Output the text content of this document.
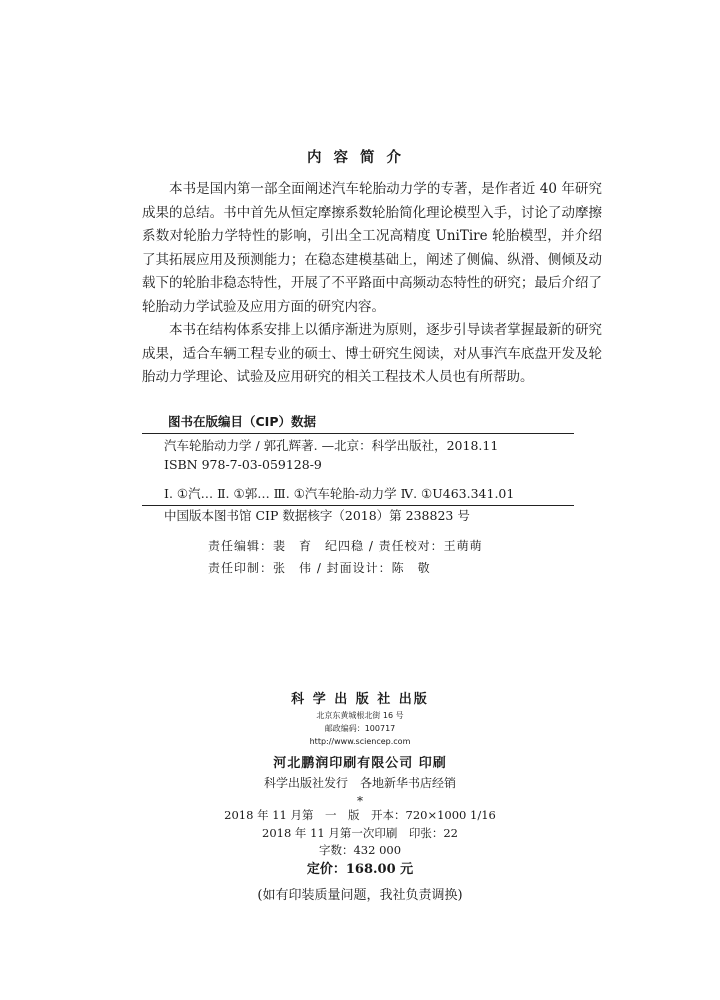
内容简介

本书是国内第一部全面阐述汽车轮胎动力学的专著，是作者近 40 年研究成果的总结。书中首先从恒定摩擦系数轮胎简化理论模型入手，讨论了动摩擦系数对轮胎力学特性的影响，引出全工况高精度 UniTire 轮胎模型，并介绍了其拓展应用及预测能力；在稳态建模基础上，阐述了侧偏、纵滑、侧倾及动载下的轮胎非稳态特性，开展了不平路面中高频动态特性的研究；最后介绍了轮胎动力学试验及应用方面的研究内容。

本书在结构体系安排上以循序渐进为原则，逐步引导读者掌握最新的研究成果，适合车辆工程专业的硕士、博士研究生阅读，对从事汽车底盘开发及轮胎动力学理论、试验及应用研究的相关工程技术人员也有所帮助。

图书在版编目（CIP）数据
汽车轮胎动力学 / 郭孔辉著. —北京：科学出版社，2018.11
ISBN 978-7-03-059128-9
Ⅰ. ①汽… Ⅱ. ①郭… Ⅲ. ①汽车轮胎-动力学 Ⅳ. ①U463.341.01
中国版本图书馆 CIP 数据核字（2018）第 238823 号
责任编辑：裴　育　纪四稳 / 责任校对：王萌萌
责任印制：张　伟 / 封面设计：陈　敬
科 学 出 版 社 出版
北京东黄城根北街 16 号
邮政编码：100717
http://www.sciencep.com
河北鹏润印刷有限公司 印刷
科学出版社发行　各地新华书店经销
*
2018 年 11 月第　一　版　开本：720×1000 1/16
2018 年 11 月第一次印刷　印张：22
字数：432 000
定价：168.00 元
(如有印装质量问题，我社负责调换)
